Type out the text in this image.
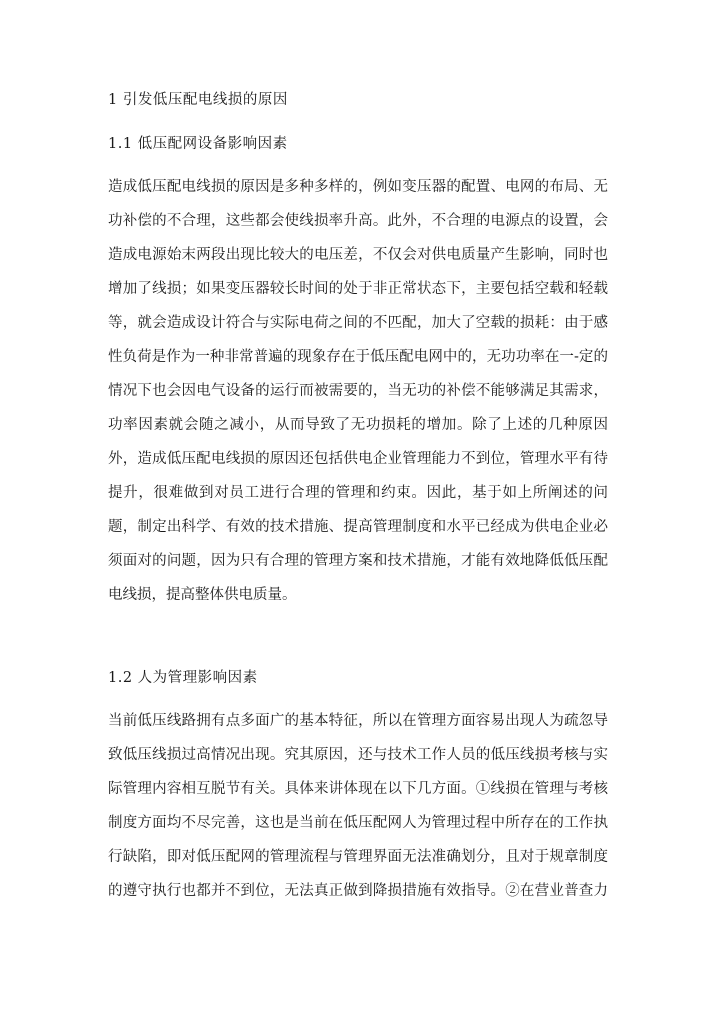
1 引发低压配电线损的原因
1.1 低压配网设备影响因素
造成低压配电线损的原因是多种多样的，例如变压器的配置、电网的布局、无
功补偿的不合理，这些都会使线损率升高。此外，不合理的电源点的设置，会
造成电源始末两段出现比较大的电压差，不仅会对供电质量产生影响，同时也
增加了线损；如果变压器较长时间的处于非正常状态下，主要包括空载和轻载
等，就会造成设计符合与实际电荷之间的不匹配，加大了空载的损耗：由于感
性负荷是作为一种非常普遍的现象存在于低压配电网中的，无功功率在一-定的
情况下也会因电气设备的运行而被需要的，当无功的补偿不能够满足其需求，
功率因素就会随之减小，从而导致了无功损耗的增加。除了上述的几种原因
外，造成低压配电线损的原因还包括供电企业管理能力不到位，管理水平有待
提升，很难做到对员工进行合理的管理和约束。因此，基于如上所阐述的问
题，制定出科学、有效的技术措施、提高管理制度和水平已经成为供电企业必
须面对的问题，因为只有合理的管理方案和技术措施，才能有效地降低低压配
电线损，提高整体供电质量。
1.2 人为管理影响因素
当前低压线路拥有点多面广的基本特征，所以在管理方面容易出现人为疏忽导
致低压线损过高情况出现。究其原因，还与技术工作人员的低压线损考核与实
际管理内容相互脱节有关。具体来讲体现在以下几方面。①线损在管理与考核
制度方面均不尽完善，这也是当前在低压配网人为管理过程中所存在的工作执
行缺陷，即对低压配网的管理流程与管理界面无法准确划分，且对于规章制度
的遵守执行也都并不到位，无法真正做到降损措施有效指导。②在营业普查力
